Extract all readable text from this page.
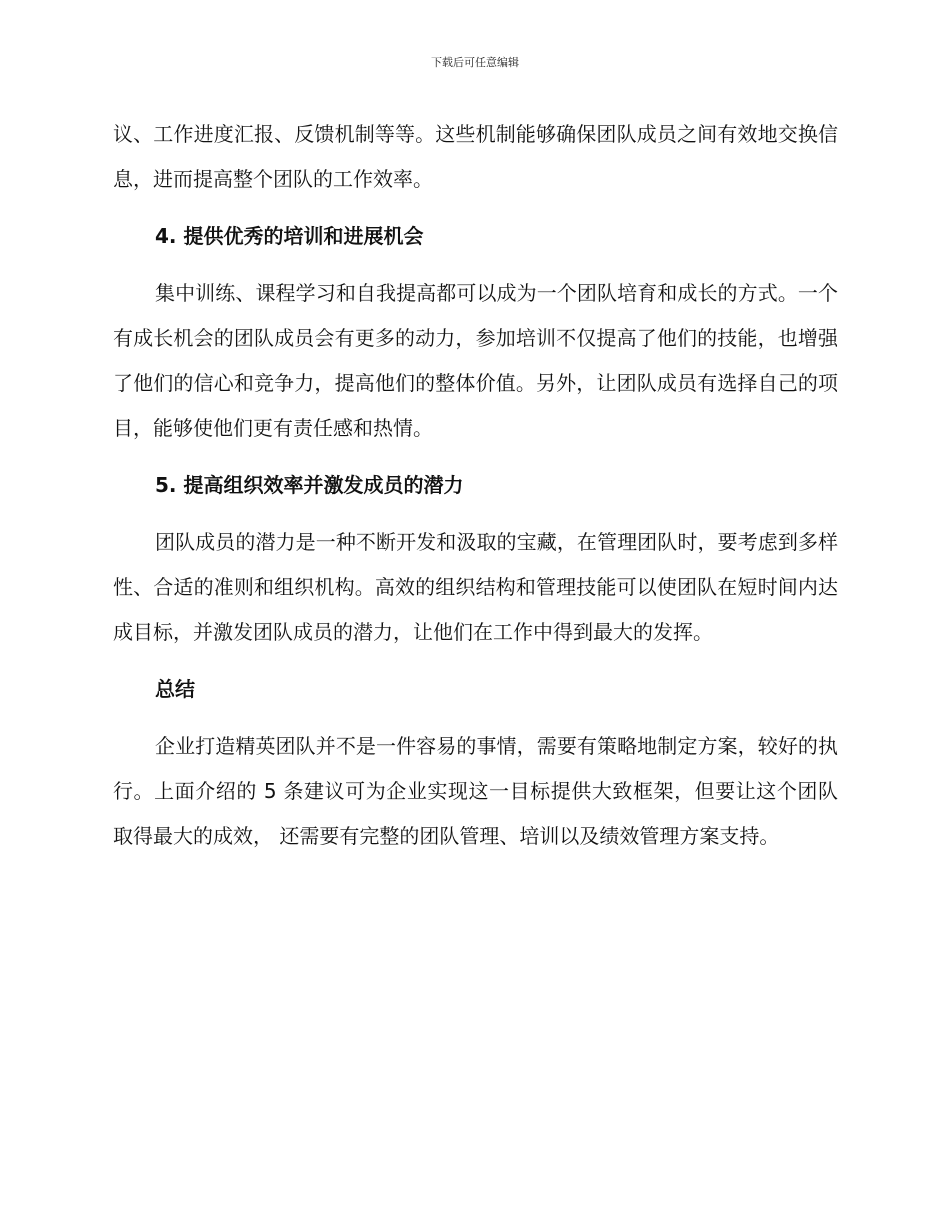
下载后可任意编辑

议、工作进度汇报、反馈机制等等。这些机制能够确保团队成员之间有效地交换信息，进而提高整个团队的工作效率。

4. 提供优秀的培训和进展机会

集中训练、课程学习和自我提高都可以成为一个团队培育和成长的方式。一个有成长机会的团队成员会有更多的动力，参加培训不仅提高了他们的技能，也增强了他们的信心和竞争力，提高他们的整体价值。另外，让团队成员有选择自己的项目，能够使他们更有责任感和热情。

5. 提高组织效率并激发成员的潜力

团队成员的潜力是一种不断开发和汲取的宝藏，在管理团队时，要考虑到多样性、合适的准则和组织机构。高效的组织结构和管理技能可以使团队在短时间内达成目标，并激发团队成员的潜力，让他们在工作中得到最大的发挥。

总结

企业打造精英团队并不是一件容易的事情，需要有策略地制定方案，较好的执行。上面介绍的 5 条建议可为企业实现这一目标提供大致框架，但要让这个团队取得最大的成效， 还需要有完整的团队管理、培训以及绩效管理方案支持。
